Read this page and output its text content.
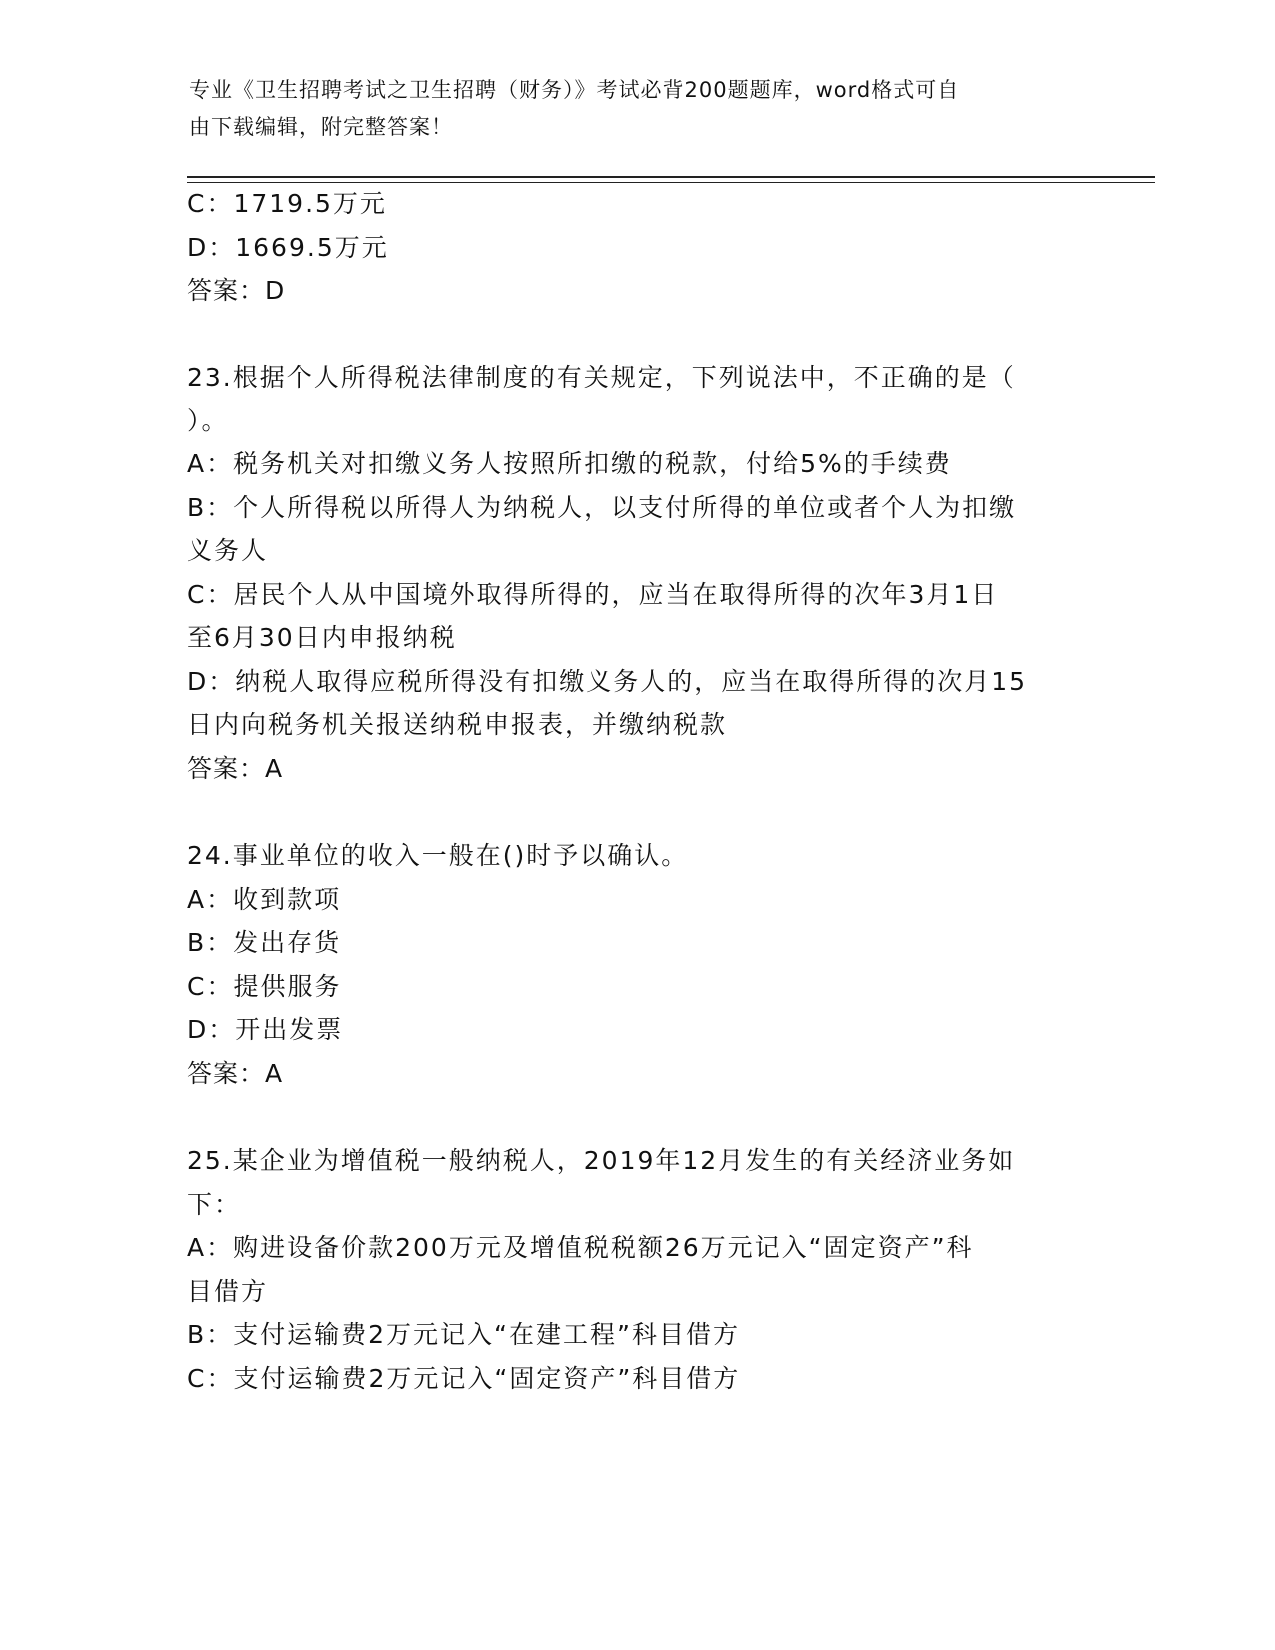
专业《卫生招聘考试之卫生招聘（财务）》考试必背200题题库，word格式可自
由下载编辑，附完整答案！
C：1719.5万元
D：1669.5万元
答案：D
23.根据个人所得税法律制度的有关规定，下列说法中，不正确的是（
）。
A：税务机关对扣缴义务人按照所扣缴的税款，付给5%的手续费
B：个人所得税以所得人为纳税人，以支付所得的单位或者个人为扣缴
义务人
C：居民个人从中国境外取得所得的，应当在取得所得的次年3月1日
至6月30日内申报纳税
D：纳税人取得应税所得没有扣缴义务人的，应当在取得所得的次月15
日内向税务机关报送纳税申报表，并缴纳税款
答案：A
24.事业单位的收入一般在()时予以确认。
A：收到款项
B：发出存货
C：提供服务
D：开出发票
答案：A
25.某企业为增值税一般纳税人，2019年12月发生的有关经济业务如
下：
A：购进设备价款200万元及增值税税额26万元记入“固定资产”科
目借方
B：支付运输费2万元记入“在建工程”科目借方
C：支付运输费2万元记入“固定资产”科目借方
